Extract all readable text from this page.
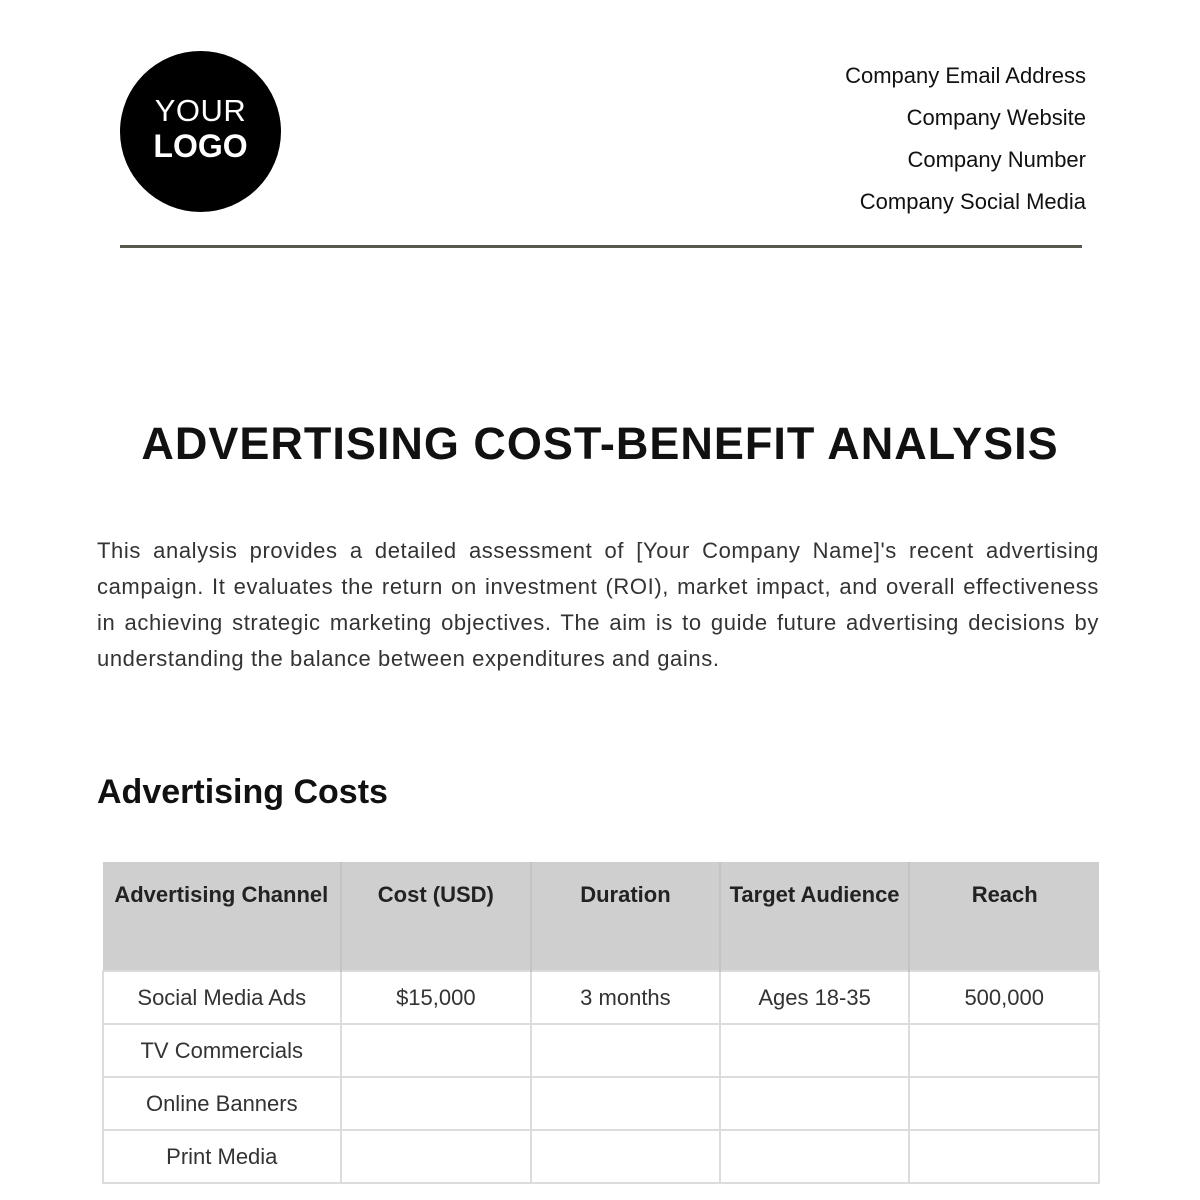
YOUR
LOGO
Company Email Address
Company Website
Company Number
Company Social Media
ADVERTISING COST-BENEFIT ANALYSIS
This analysis provides a detailed assessment of [Your Company Name]'s recent advertising campaign. It evaluates the return on investment (ROI), market impact, and overall effectiveness in achieving strategic marketing objectives. The aim is to guide future advertising decisions by understanding the balance between expenditures and gains.
Advertising Costs
Advertising Channel	Cost (USD)	Duration	Target Audience	Reach
Social Media Ads	$15,000	3 months	Ages 18-35	500,000
TV Commercials				
Online Banners				
Print Media				
